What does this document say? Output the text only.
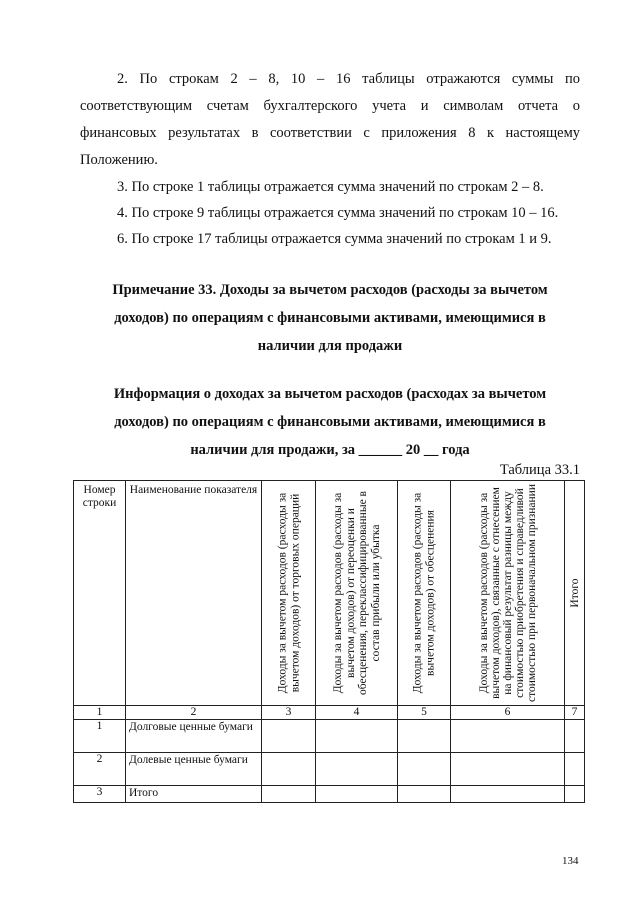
2. По строкам 2 – 8, 10 – 16 таблицы отражаются суммы по соответствующим счетам бухгалтерского учета и символам отчета о финансовых результатах в соответствии с приложения 8 к настоящему Положению.

3. По строке 1 таблицы отражается сумма значений по строкам 2 – 8.

4. По строке 9 таблицы отражается сумма значений по строкам 10 – 16.

6. По строке 17 таблицы отражается сумма значений по строкам 1 и 9.

Примечание 33. Доходы за вычетом расходов (расходы за вычетом
доходов) по операциям с финансовыми активами, имеющимися в
наличии для продажи
Информация о доходах за вычетом расходов (расходах за вычетом
доходов) по операциям с финансовыми активами, имеющимися в
наличии для продажи, за ______ 20 __ года
Таблица 33.1
Номер строки	Наименование показателя	Доходы за вычетом расходов (расходы за вычетом доходов) от торговых операций	Доходы за вычетом расходов (расходы за вычетом доходов) от переоценки и обесценения, переклассифицированные в состав прибыли или убытка	Доходы за вычетом расходов (расходы за вычетом доходов) от обесценения	Доходы за вычетом расходов (расходы за вычетом доходов), связанные с отнесением на финансовый результат разницы между стоимостью приобретения и справедливой стоимостью при первоначальном признании	Итого

1	2	3	4	5	6	7
1	Долговые ценные бумаги					
2	Долевые ценные бумаги					
3	Итого					
134
